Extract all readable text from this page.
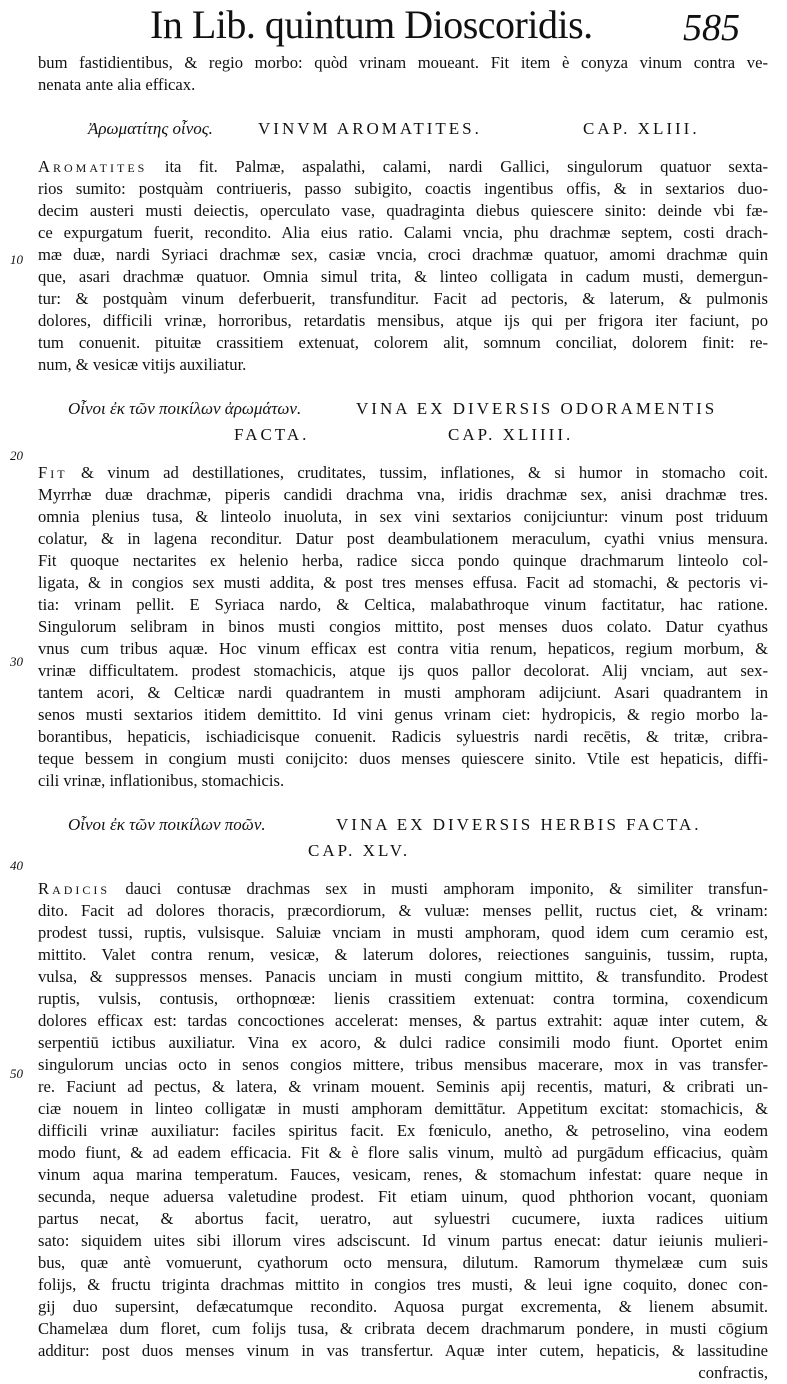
In Lib. quintum Dioscoridis. 585
10
20
30
40
50
bum fastidientibus, & regio morbo: quòd vrinam moueant. Fit item è conyza vinum contra ve-
nenata ante alia efficax.
Ἀρωματίτης οἶνος.	VINVM AROMATITES.	CAP. XLIII.
Aromatites ita fit. Palmæ, aspalathi, calami, nardi Gallici, singulorum quatuor sexta-
rios sumito: postquàm contriueris, passo subigito, coactis ingentibus offis, & in sextarios duo-
decim austeri musti deiectis, operculato vase, quadraginta diebus quiescere sinito: deinde vbi fæ-
ce expurgatum fuerit, recondito. Alia eius ratio. Calami vncia, phu drachmæ septem, costi drach-
mæ duæ, nardi Syriaci drachmæ sex, casiæ vncia, croci drachmæ quatuor, amomi drachmæ quin
que, asari drachmæ quatuor. Omnia simul trita, & linteo colligata in cadum musti, demergun-
tur: & postquàm vinum deferbuerit, transfunditur. Facit ad pectoris, & laterum, & pulmonis
dolores, difficili vrinæ, horroribus, retardatis mensibus, atque ijs qui per frigora iter faciunt, po
tum conuenit. pituitæ crassitiem extenuat, colorem alit, somnum conciliat, dolorem finit: re-
num, & vesicæ vitijs auxiliatur.
Οἶνοι ἐκ τῶν ποικίλων ἀρωμάτων.	VINA EX DIVERSIS ODORAMENTIS
FACTA.	CAP. XLIIII.
Fit & vinum ad destillationes, cruditates, tussim, inflationes, & si humor in stomacho coit.
Myrrhæ duæ drachmæ, piperis candidi drachma vna, iridis drachmæ sex, anisi drachmæ tres.
omnia plenius tusa, & linteolo inuoluta, in sex vini sextarios conijciuntur: vinum post triduum
colatur, & in lagena reconditur. Datur post deambulationem meraculum, cyathi vnius mensura.
Fit quoque nectarites ex helenio herba, radice sicca pondo quinque drachmarum linteolo col-
ligata, & in congios sex musti addita, & post tres menses effusa. Facit ad stomachi, & pectoris vi-
tia: vrinam pellit. E Syriaca nardo, & Celtica, malabathroque vinum factitatur, hac ratione.
Singulorum selibram in binos musti congios mittito, post menses duos colato. Datur cyathus
vnus cum tribus aquæ. Hoc vinum efficax est contra vitia renum, hepaticos, regium morbum, &
vrinæ difficultatem. prodest stomachicis, atque ijs quos pallor decolorat. Alij vnciam, aut sex-
tantem acori, & Celticæ nardi quadrantem in musti amphoram adijciunt. Asari quadrantem in
senos musti sextarios itidem demittito. Id vini genus vrinam ciet: hydropicis, & regio morbo la-
borantibus, hepaticis, ischiadicisque conuenit. Radicis syluestris nardi recētis, & tritæ, cribra-
teque bessem in congium musti conijcito: duos menses quiescere sinito. Vtile est hepaticis, diffi-
cili vrinæ, inflationibus, stomachicis.
Οἶνοι ἐκ τῶν ποικίλων ποῶν.	VINA EX DIVERSIS HERBIS FACTA.
CAP. XLV.
Radicis dauci contusæ drachmas sex in musti amphoram imponito, & similiter transfun-
dito. Facit ad dolores thoracis, præcordiorum, & vuluæ: menses pellit, ructus ciet, & vrinam:
prodest tussi, ruptis, vulsisque. Saluiæ vnciam in musti amphoram, quod idem cum ceramio est,
mittito. Valet contra renum, vesicæ, & laterum dolores, reiectiones sanguinis, tussim, rupta,
vulsa, & suppressos menses. Panacis unciam in musti congium mittito, & transfundito. Prodest
ruptis, vulsis, contusis, orthopnœæ: lienis crassitiem extenuat: contra tormina, coxendicum
dolores efficax est: tardas concoctiones accelerat: menses, & partus extrahit: aquæ inter cutem, &
serpentiū ictibus auxiliatur. Vina ex acoro, & dulci radice consimili modo fiunt. Oportet enim
singulorum uncias octo in senos congios mittere, tribus mensibus macerare, mox in vas transfer-
re. Faciunt ad pectus, & latera, & vrinam mouent. Seminis apij recentis, maturi, & cribrati un-
ciæ nouem in linteo colligatæ in musti amphoram demittātur. Appetitum excitat: stomachicis, &
difficili vrinæ auxiliatur: faciles spiritus facit. Ex fœniculo, anetho, & petroselino, vina eodem
modo fiunt, & ad eadem efficacia. Fit & è flore salis vinum, multò ad purgādum efficacius, quàm
vinum aqua marina temperatum. Fauces, vesicam, renes, & stomachum infestat: quare neque in
secunda, neque aduersa valetudine prodest. Fit etiam uinum, quod phthorion vocant, quoniam
partus necat, & abortus facit, ueratro, aut syluestri cucumere, iuxta radices uitium
sato: siquidem uites sibi illorum vires adsciscunt. Id vinum partus enecat: datur ieiunis mulieri-
bus, quæ antè vomuerunt, cyathorum octo mensura, dilutum. Ramorum thymelææ cum suis
folijs, & fructu triginta drachmas mittito in congios tres musti, & leui igne coquito, donec con-
gij duo supersint, defæcatumque recondito. Aquosa purgat excrementa, & lienem absumit.
Chamelæa dum floret, cum folijs tusa, & cribrata decem drachmarum pondere, in musti cōgium
additur: post duos menses vinum in vas transfertur. Aquæ inter cutem, hepaticis, & lassitudine
confractis,
